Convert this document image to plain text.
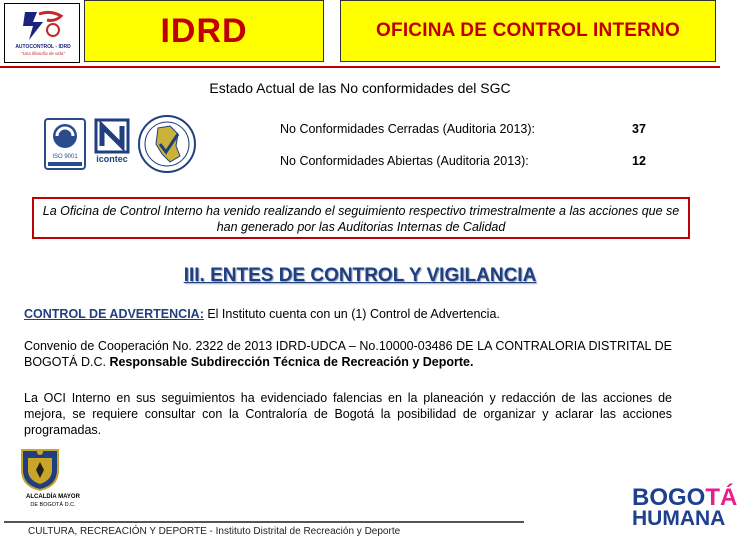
AUTOCONTROL - IDRD
"Una filosofía de vida"
IDRD	OFICINA DE CONTROL INTERNO
Estado Actual de las No conformidades del SGC
ISO 9001 icontec
No Conformidades Cerradas (Auditoria 2013):	37
No Conformidades Abiertas (Auditoria 2013):	12
La Oficina de Control Interno ha venido realizando el seguimiento respectivo trimestralmente a las acciones que se han generado por las Auditorias Internas de Calidad
III. ENTES DE CONTROL Y VIGILANCIA
CONTROL DE ADVERTENCIA: El Instituto cuenta con un (1) Control de Advertencia.
Convenio de Cooperación No. 2322 de 2013 IDRD-UDCA – No.10000-03486 DE LA CONTRALORIA DISTRITAL DE BOGOTÁ D.C. Responsable Subdirección Técnica de Recreación y Deporte.
La OCI Interno en sus seguimientos ha evidenciado falencias en la planeación y redacción de las acciones de mejora, se requiere consultar con la Contraloría de Bogotá la posibilidad de organizar y aclarar las acciones programadas.
ALCALDÍA MAYOR
DE BOGOTÁ D.C.	BOGOTÁ
HUMANA
CULTURA, RECREACIÓN Y DEPORTE - Instituto Distrital de Recreación y Deporte
